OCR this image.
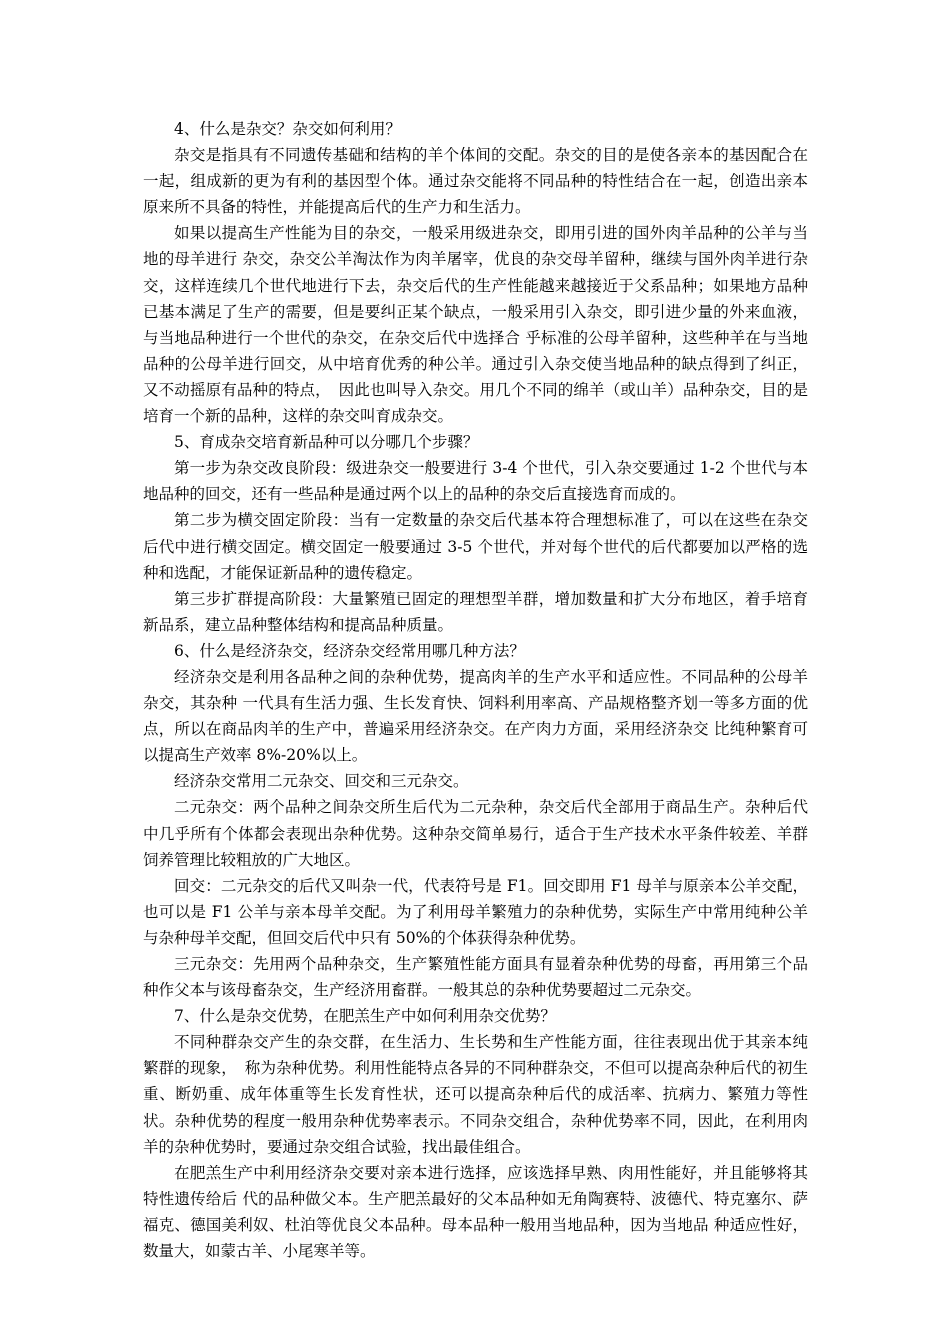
4、什么是杂交？杂交如何利用？

杂交是指具有不同遗传基础和结构的羊个体间的交配。杂交的目的是使各亲本的基因配合在一起，组成新的更为有利的基因型个体。通过杂交能将不同品种的特性结合在一起，创造出亲本原来所不具备的特性，并能提高后代的生产力和生活力。

如果以提高生产性能为目的杂交，一般采用级进杂交，即用引进的国外肉羊品种的公羊与当地的母羊进行 杂交，杂交公羊淘汰作为肉羊屠宰，优良的杂交母羊留种，继续与国外肉羊进行杂交，这样连续几个世代地进行下去，杂交后代的生产性能越来越接近于父系品种；如果地方品种已基本满足了生产的需要，但是要纠正某个缺点，一般采用引入杂交，即引进少量的外来血液，与当地品种进行一个世代的杂交，在杂交后代中选择合 乎标准的公母羊留种，这些种羊在与当地品种的公母羊进行回交，从中培育优秀的种公羊。通过引入杂交使当地品种的缺点得到了纠正，又不动摇原有品种的特点，　因此也叫导入杂交。用几个不同的绵羊（或山羊）品种杂交，目的是培育一个新的品种，这样的杂交叫育成杂交。

5、育成杂交培育新品种可以分哪几个步骤？

第一步为杂交改良阶段：级进杂交一般要进行 3-4 个世代，引入杂交要通过 1-2 个世代与本地品种的回交，还有一些品种是通过两个以上的品种的杂交后直接选育而成的。

第二步为横交固定阶段：当有一定数量的杂交后代基本符合理想标准了，可以在这些在杂交后代中进行横交固定。横交固定一般要通过 3-5 个世代，并对每个世代的后代都要加以严格的选种和选配，才能保证新品种的遗传稳定。

第三步扩群提高阶段：大量繁殖已固定的理想型羊群，增加数量和扩大分布地区，着手培育新品系，建立品种整体结构和提高品种质量。

6、什么是经济杂交，经济杂交经常用哪几种方法？

经济杂交是利用各品种之间的杂种优势，提高肉羊的生产水平和适应性。不同品种的公母羊杂交，其杂种 一代具有生活力强、生长发育快、饲料利用率高、产品规格整齐划一等多方面的优点，所以在商品肉羊的生产中，普遍采用经济杂交。在产肉力方面，采用经济杂交 比纯种繁育可以提高生产效率 8%-20%以上。

经济杂交常用二元杂交、回交和三元杂交。

二元杂交：两个品种之间杂交所生后代为二元杂种，杂交后代全部用于商品生产。杂种后代中几乎所有个体都会表现出杂种优势。这种杂交简单易行，适合于生产技术水平条件较差、羊群饲养管理比较粗放的广大地区。

回交：二元杂交的后代又叫杂一代，代表符号是 F1。回交即用 F1 母羊与原亲本公羊交配，也可以是 F1 公羊与亲本母羊交配。为了利用母羊繁殖力的杂种优势，实际生产中常用纯种公羊与杂种母羊交配，但回交后代中只有 50%的个体获得杂种优势。

三元杂交：先用两个品种杂交，生产繁殖性能方面具有显着杂种优势的母畜，再用第三个品种作父本与该母畜杂交，生产经济用畜群。一般其总的杂种优势要超过二元杂交。

7、什么是杂交优势，在肥羔生产中如何利用杂交优势？

不同种群杂交产生的杂交群，在生活力、生长势和生产性能方面，往往表现出优于其亲本纯繁群的现象，　称为杂种优势。利用性能特点各异的不同种群杂交，不但可以提高杂种后代的初生重、断奶重、成年体重等生长发育性状，还可以提高杂种后代的成活率、抗病力、繁殖力等性状。杂种优势的程度一般用杂种优势率表示。不同杂交组合，杂种优势率不同，因此，在利用肉羊的杂种优势时，要通过杂交组合试验，找出最佳组合。

在肥羔生产中利用经济杂交要对亲本进行选择，应该选择早熟、肉用性能好，并且能够将其特性遗传给后 代的品种做父本。生产肥羔最好的父本品种如无角陶赛特、波德代、特克塞尔、萨福克、德国美利奴、杜泊等优良父本品种。母本品种一般用当地品种，因为当地品 种适应性好，数量大，如蒙古羊、小尾寒羊等。
